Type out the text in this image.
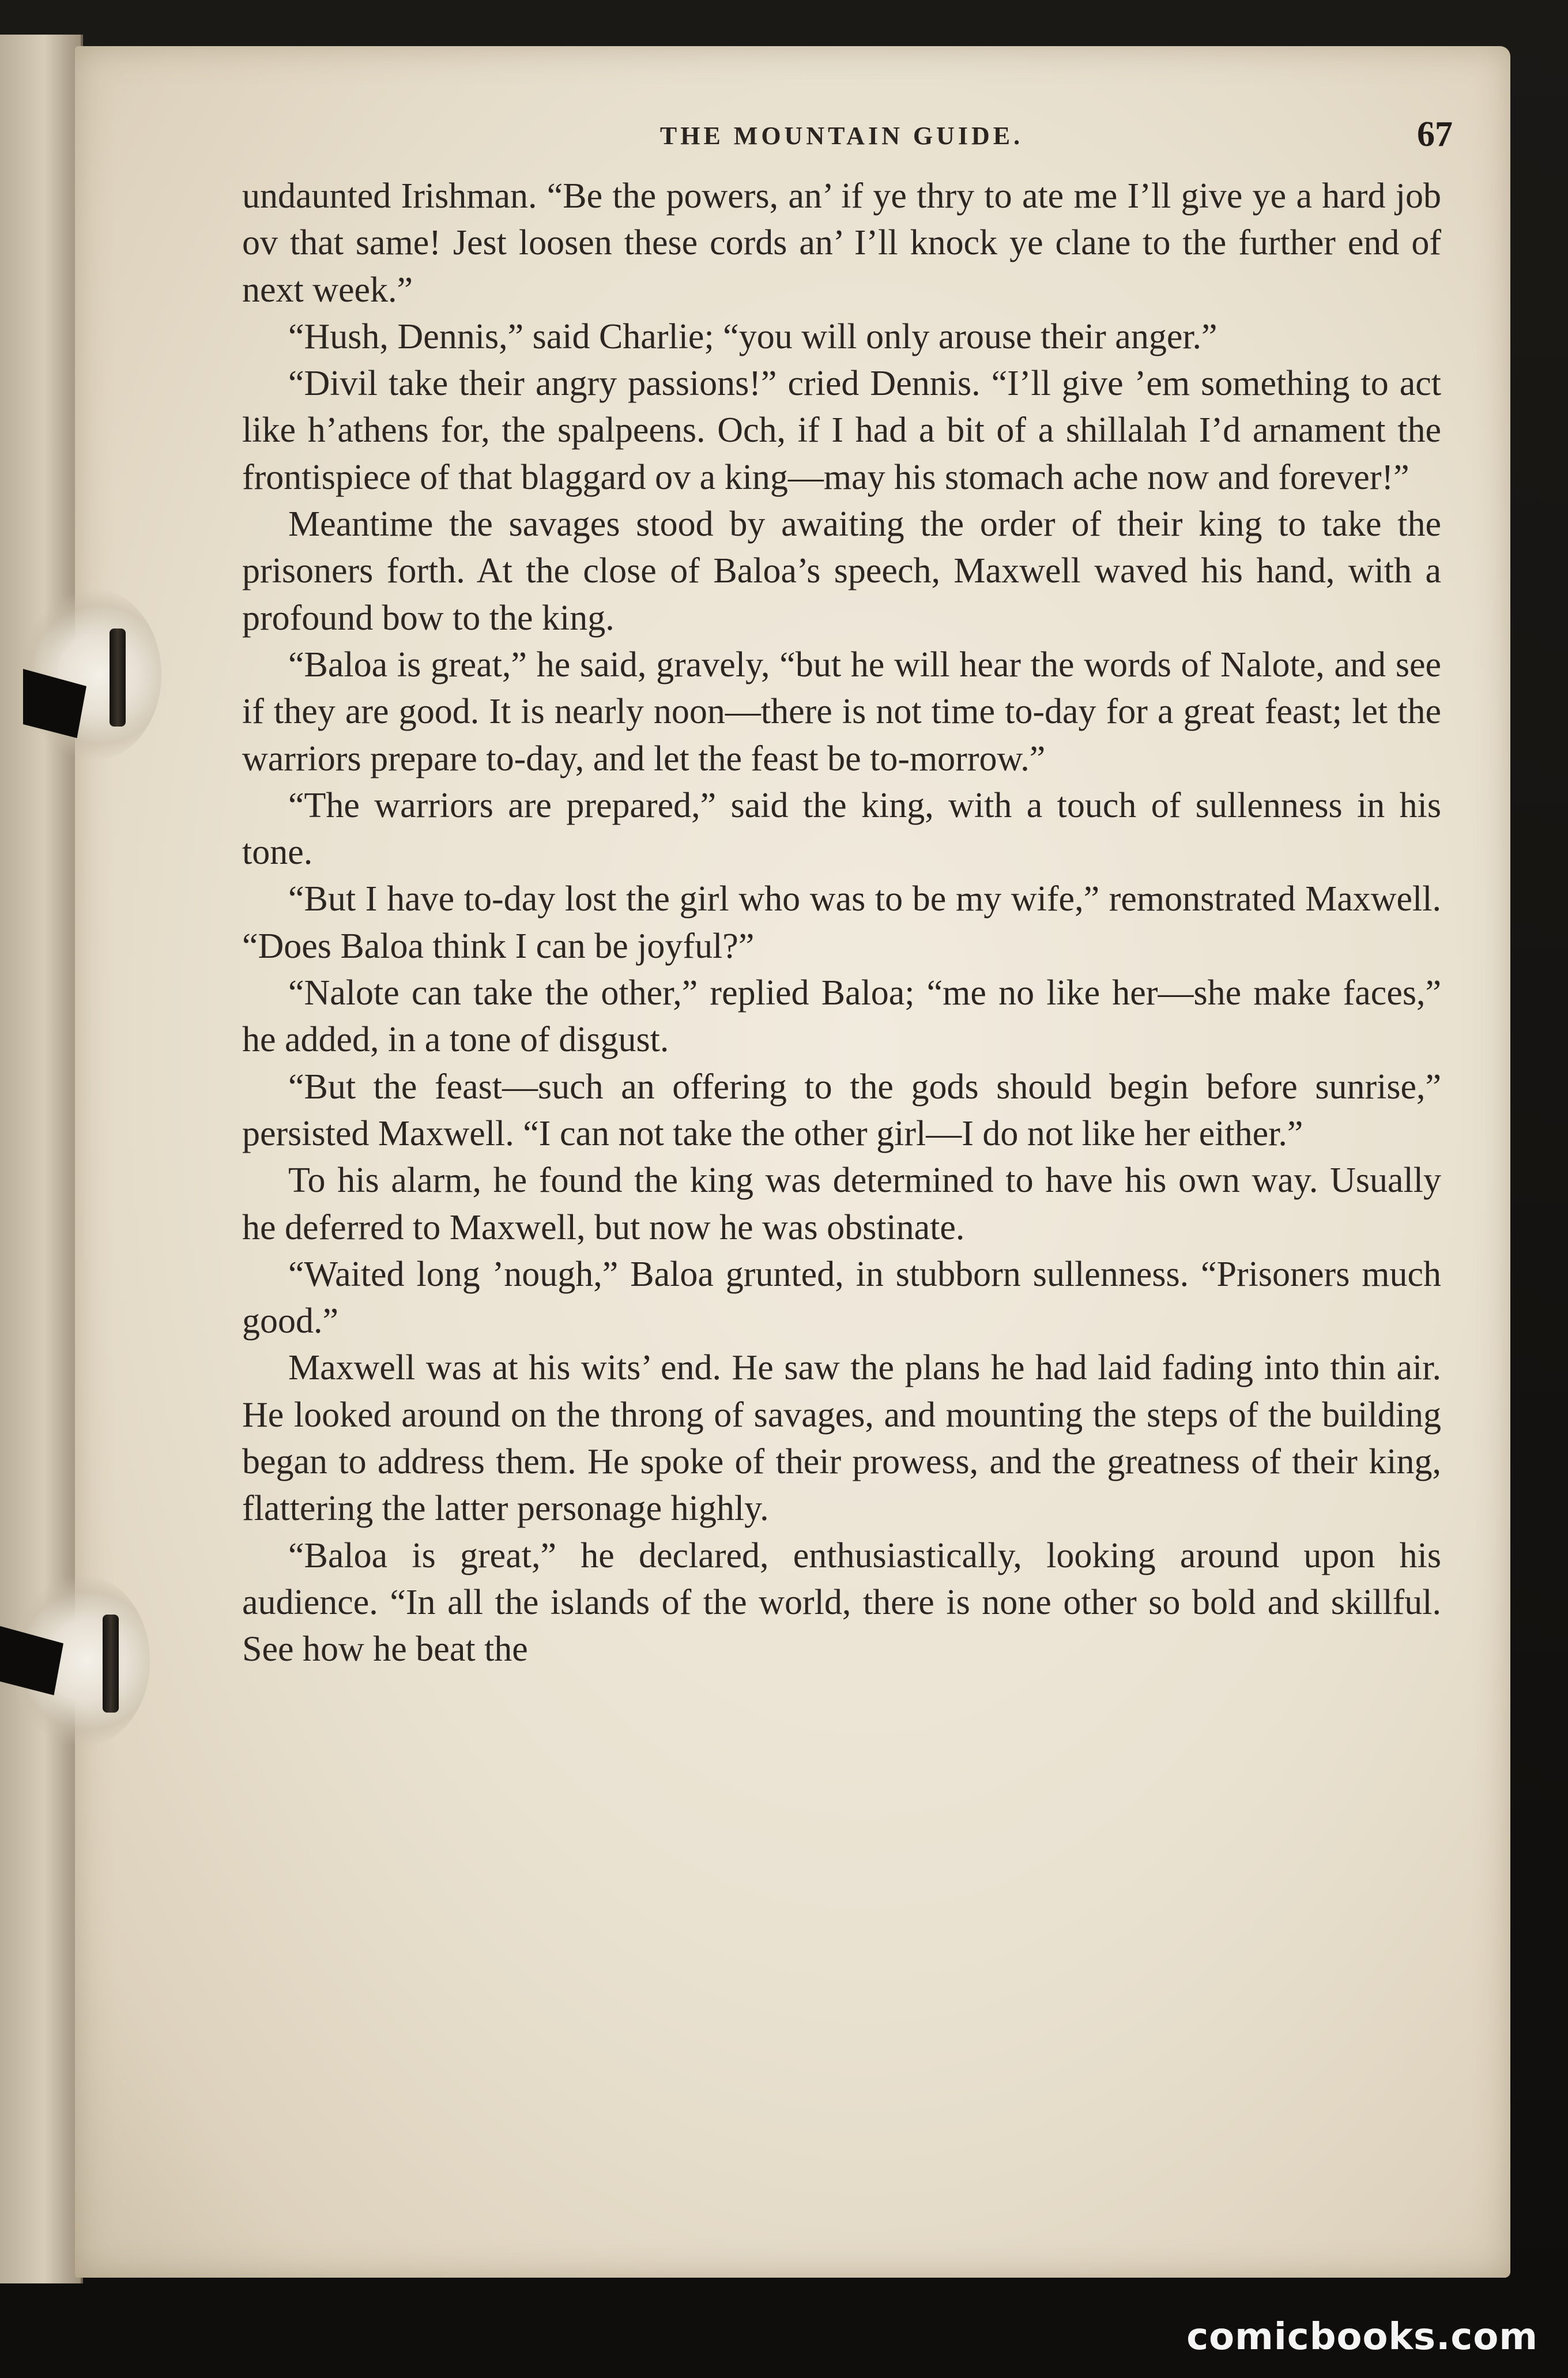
THE MOUNTAIN GUIDE.	67

undaunted Irishman. “Be the powers, an’ if ye thry to ate me I’ll give ye a hard job ov that same! Jest loosen these cords an’ I’ll knock ye clane to the further end of next week.”

“Hush, Dennis,” said Charlie; “you will only arouse their anger.”

“Divil take their angry passions!” cried Dennis. “I’ll give ’em something to act like h’athens for, the spalpeens. Och, if I had a bit of a shillalah I’d arnament the frontispiece of that blaggard ov a king—may his stomach ache now and forever!”

Meantime the savages stood by awaiting the order of their king to take the prisoners forth. At the close of Baloa’s speech, Maxwell waved his hand, with a profound bow to the king.

“Baloa is great,” he said, gravely, “but he will hear the words of Nalote, and see if they are good. It is nearly noon—there is not time to-day for a great feast; let the warriors prepare to-day, and let the feast be to-morrow.”

“The warriors are prepared,” said the king, with a touch of sullenness in his tone.

“But I have to-day lost the girl who was to be my wife,” remonstrated Maxwell. “Does Baloa think I can be joyful?”

“Nalote can take the other,” replied Baloa; “me no like her—she make faces,” he added, in a tone of disgust.

“But the feast—such an offering to the gods should begin before sunrise,” persisted Maxwell. “I can not take the other girl—I do not like her either.”

To his alarm, he found the king was determined to have his own way. Usually he deferred to Maxwell, but now he was obstinate.

“Waited long ’nough,” Baloa grunted, in stubborn sullenness. “Prisoners much good.”

Maxwell was at his wits’ end. He saw the plans he had laid fading into thin air. He looked around on the throng of savages, and mounting the steps of the building began to address them. He spoke of their prowess, and the greatness of their king, flattering the latter personage highly.

“Baloa is great,” he declared, enthusiastically, looking around upon his audience. “In all the islands of the world, there is none other so bold and skillful. See how he beat the

comicbooks.com
